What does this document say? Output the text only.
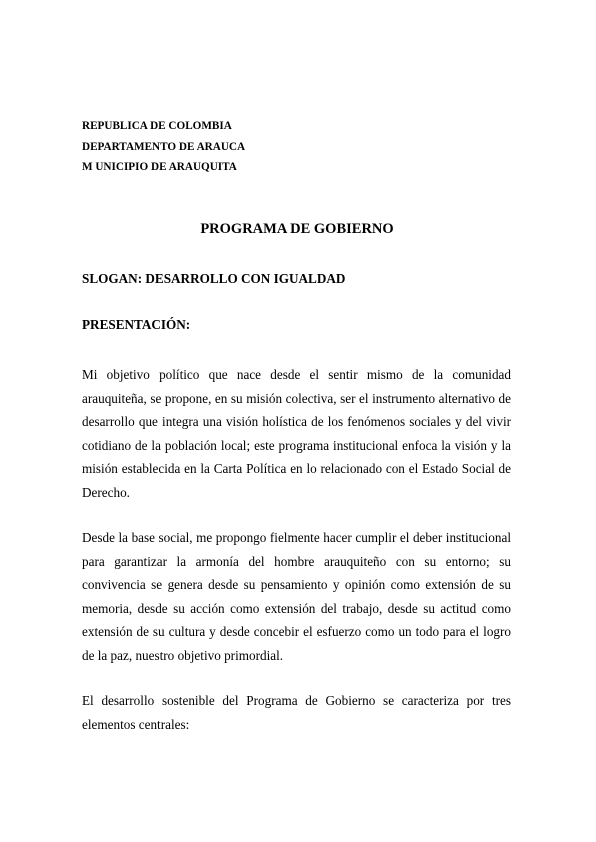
REPUBLICA DE COLOMBIA
DEPARTAMENTO DE ARAUCA
M UNICIPIO DE ARAUQUITA
PROGRAMA DE GOBIERNO
SLOGAN: DESARROLLO CON IGUALDAD
PRESENTACIÓN:

Mi objetivo político que nace desde el sentir mismo de la comunidad arauquiteña, se propone, en su misión colectiva, ser el instrumento alternativo de desarrollo que integra una visión holística de los fenómenos sociales y del vivir cotidiano de la población local; este programa institucional enfoca la visión y la misión establecida en la Carta Política en lo relacionado con el Estado Social de Derecho.

Desde la base social, me propongo fielmente hacer cumplir el deber institucional para garantizar la armonía del hombre arauquiteño con su entorno; su convivencia se genera desde su pensamiento y opinión como extensión de su memoria, desde su acción como extensión del trabajo, desde su actitud como extensión de su cultura y desde concebir el esfuerzo como un todo para el logro de la paz, nuestro objetivo primordial.

El desarrollo sostenible del Programa de Gobierno se caracteriza por tres elementos centrales:
